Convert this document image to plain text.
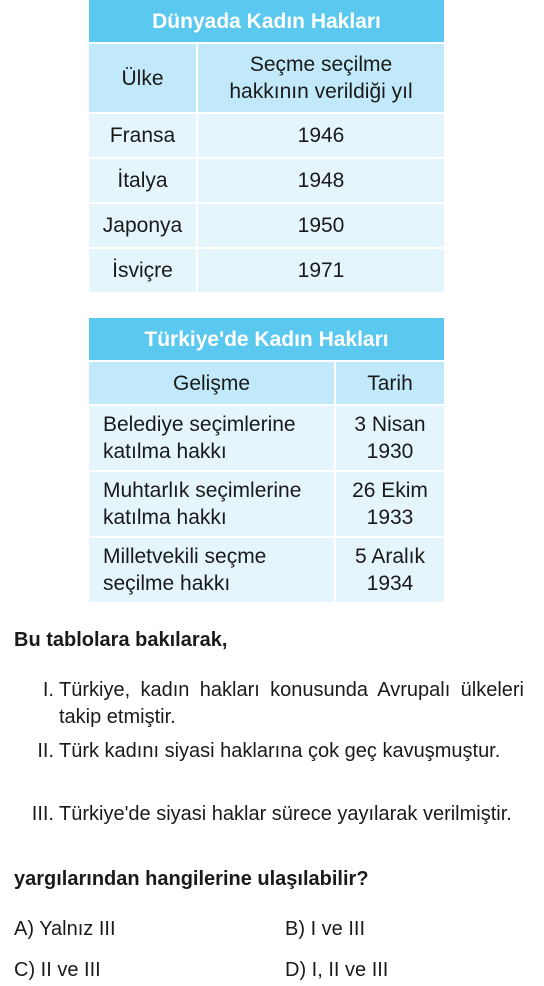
Dünyada Kadın Hakları	
Ülke	Seçme seçilme
hakkının verildiği yıl
Fransa	1946
İtalya	1948
Japonya	1950
İsviçre	1971
Türkiye'de Kadın Hakları	
Gelişme	Tarih
Belediye seçimlerine katılma hakkı	3 Nisan 1930
Muhtarlık seçimlerine katılma hakkı	26 Ekim 1933
Milletvekili seçme seçilme hakkı	5 Aralık 1934
Bu tablolara bakılarak,
I. Türkiye, kadın hakları konusunda Avrupalı ülkeleri takip etmiştir.
II. Türk kadını siyasi haklarına çok geç kavuşmuştur.
III. Türkiye'de siyasi haklar sürece yayılarak verilmiştir.
yargılarından hangilerine ulaşılabilir?
A) Yalnız III	B) I ve III
C) II ve III	D) I, II ve III
